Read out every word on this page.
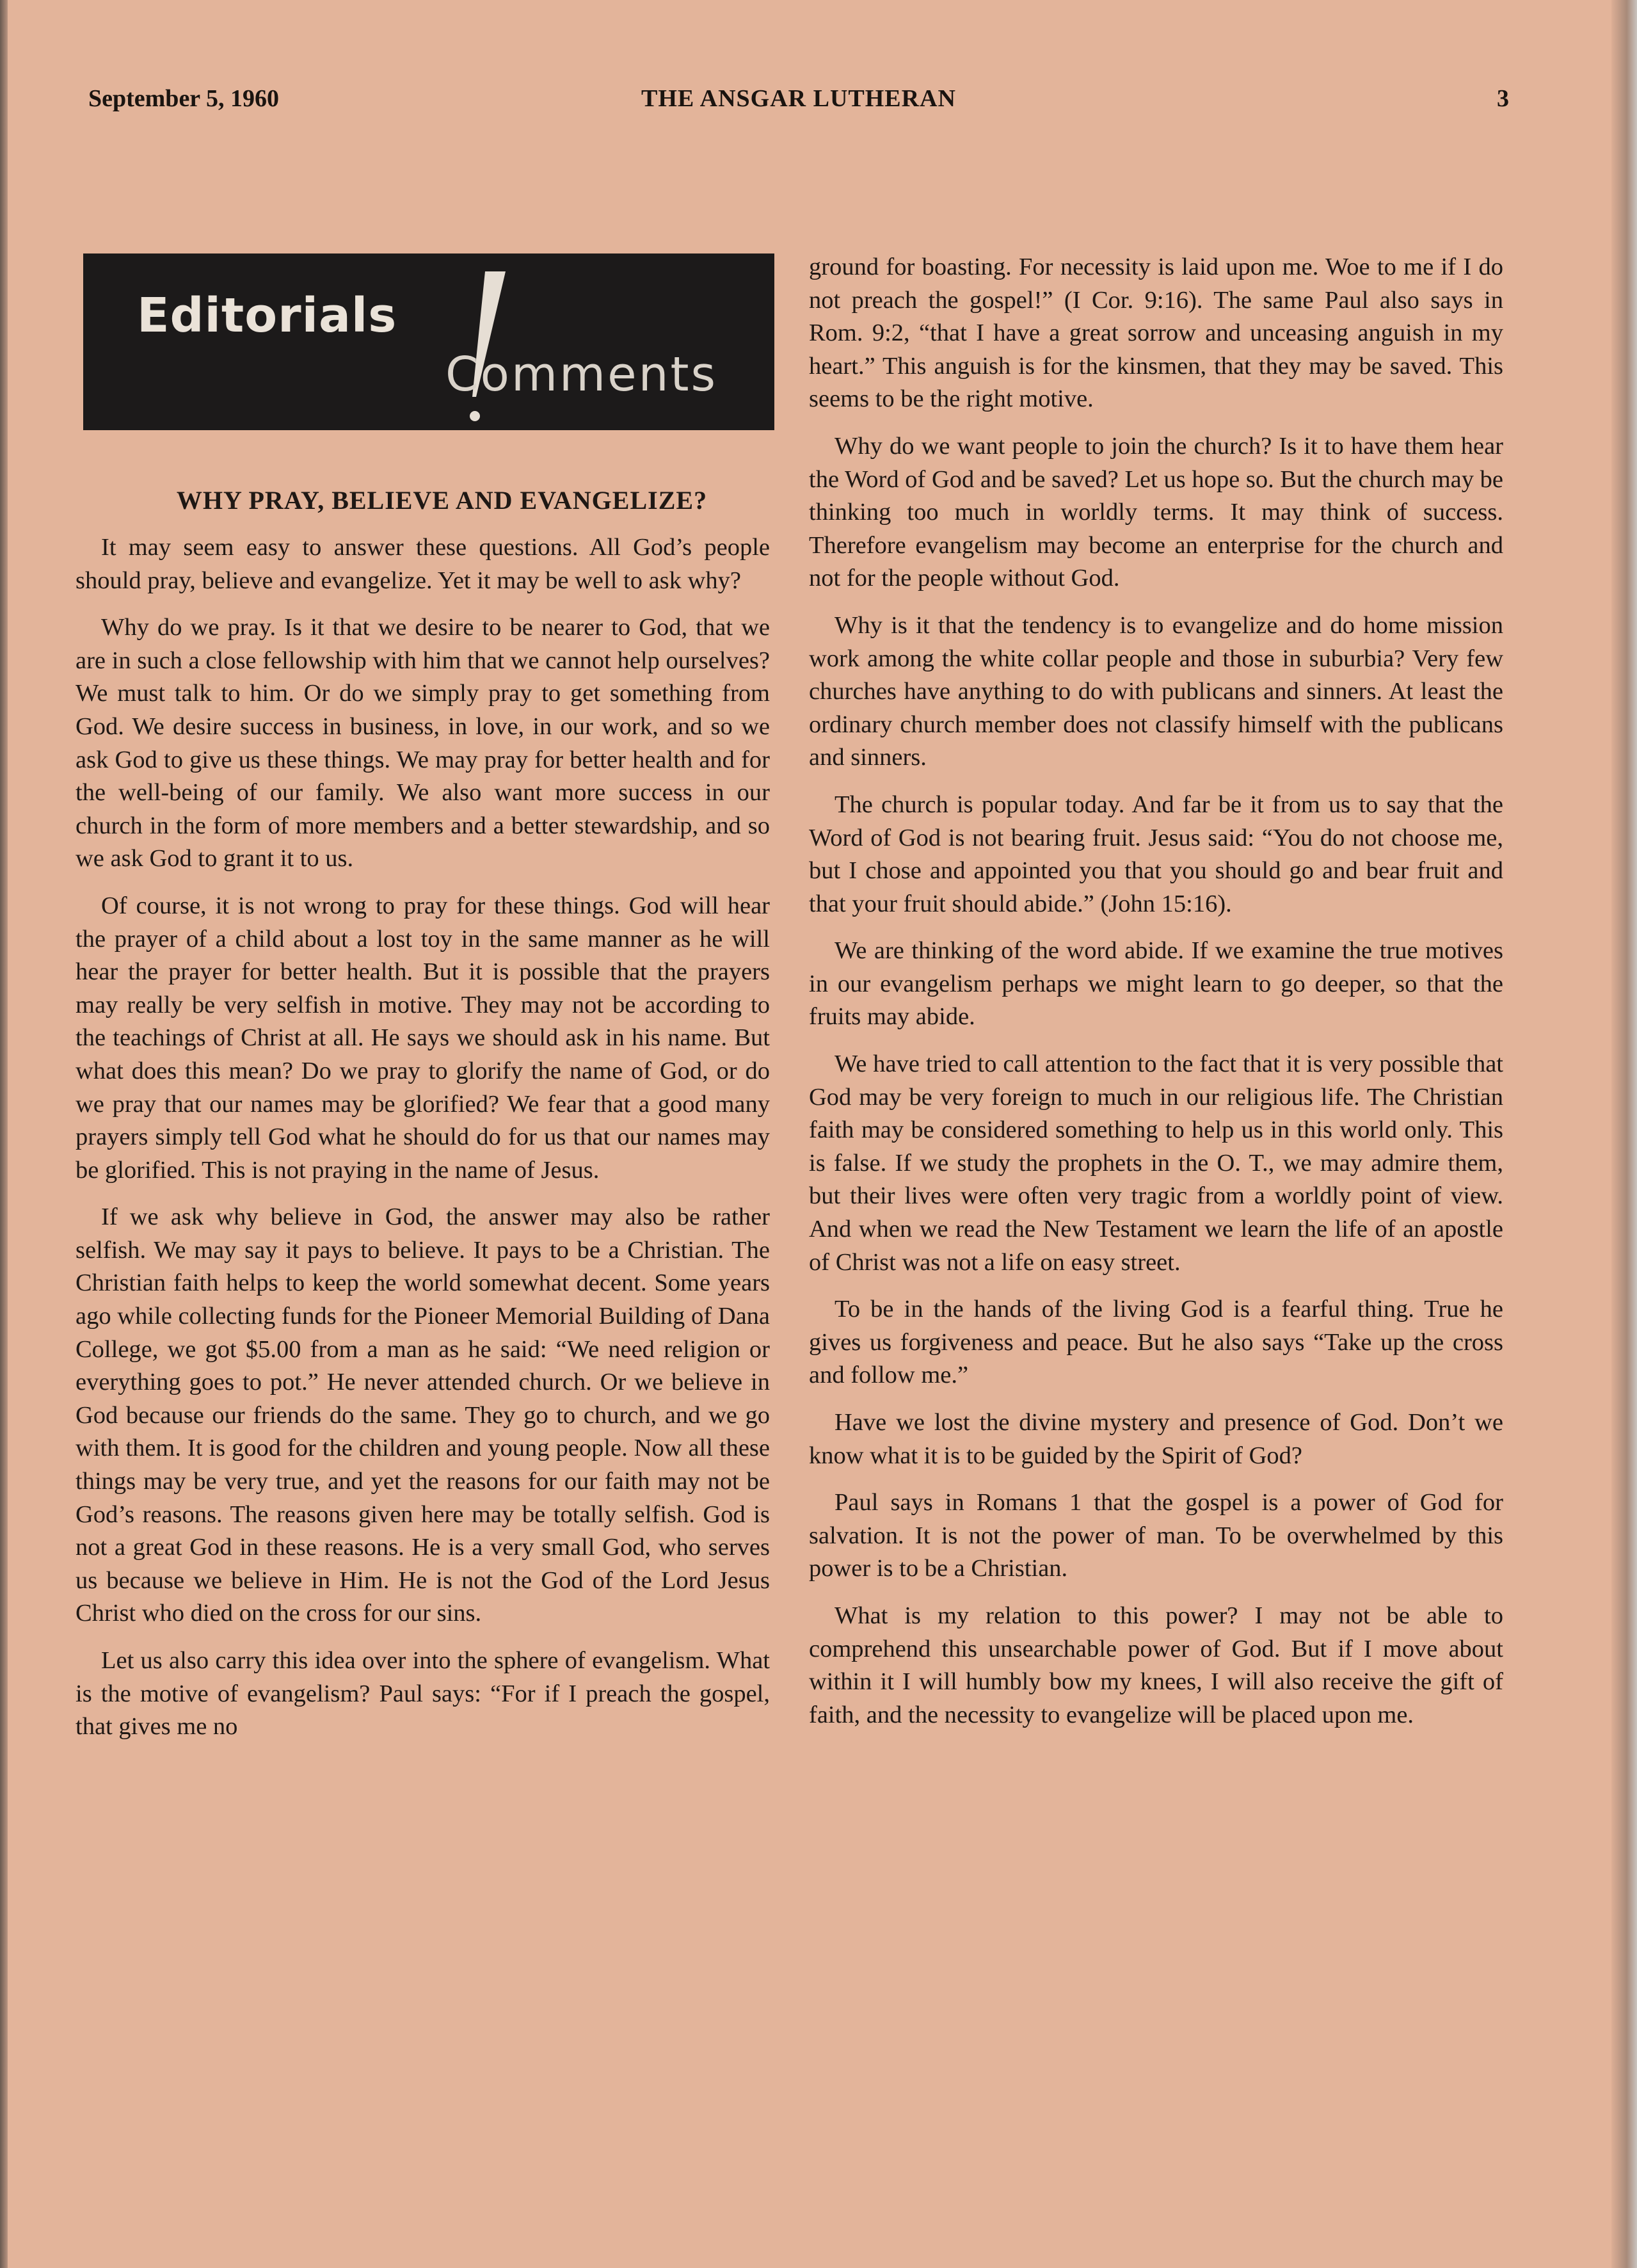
September 5, 1960	THE ANSGAR LUTHERAN	3
Editorials
Comments
WHY PRAY, BELIEVE AND EVANGELIZE?

It may seem easy to answer these questions. All God’s people should pray, believe and evangelize. Yet it may be well to ask why?

Why do we pray. Is it that we desire to be nearer to God, that we are in such a close fellowship with him that we cannot help ourselves? We must talk to him. Or do we simply pray to get something from God. We desire success in business, in love, in our work, and so we ask God to give us these things. We may pray for better health and for the well-being of our family. We also want more success in our church in the form of more members and a better stewardship, and so we ask God to grant it to us.

Of course, it is not wrong to pray for these things. God will hear the prayer of a child about a lost toy in the same manner as he will hear the prayer for better health. But it is possible that the prayers may really be very selfish in motive. They may not be according to the teachings of Christ at all. He says we should ask in his name. But what does this mean? Do we pray to glorify the name of God, or do we pray that our names may be glorified? We fear that a good many prayers simply tell God what he should do for us that our names may be glorified. This is not praying in the name of Jesus.

If we ask why believe in God, the answer may also be rather selfish. We may say it pays to believe. It pays to be a Christian. The Christian faith helps to keep the world somewhat decent. Some years ago while collecting funds for the Pioneer Memorial Building of Dana College, we got $5.00 from a man as he said: “We need religion or everything goes to pot.” He never attended church. Or we believe in God because our friends do the same. They go to church, and we go with them. It is good for the children and young people. Now all these things may be very true, and yet the reasons for our faith may not be God’s reasons. The reasons given here may be totally selfish. God is not a great God in these reasons. He is a very small God, who serves us because we believe in Him. He is not the God of the Lord Jesus Christ who died on the cross for our sins.

Let us also carry this idea over into the sphere of evangelism. What is the motive of evangelism? Paul says: “For if I preach the gospel, that gives me no

ground for boasting. For necessity is laid upon me. Woe to me if I do not preach the gospel!” (I Cor. 9:16). The same Paul also says in Rom. 9:2, “that I have a great sorrow and unceasing anguish in my heart.” This anguish is for the kinsmen, that they may be saved. This seems to be the right motive.

Why do we want people to join the church? Is it to have them hear the Word of God and be saved? Let us hope so. But the church may be thinking too much in worldly terms. It may think of success. Therefore evangelism may become an enterprise for the church and not for the people without God.

Why is it that the tendency is to evangelize and do home mission work among the white collar people and those in suburbia? Very few churches have anything to do with publicans and sinners. At least the ordinary church member does not classify himself with the publicans and sinners.

The church is popular today. And far be it from us to say that the Word of God is not bearing fruit. Jesus said: “You do not choose me, but I chose and appointed you that you should go and bear fruit and that your fruit should abide.” (John 15:16).

We are thinking of the word abide. If we examine the true motives in our evangelism perhaps we might learn to go deeper, so that the fruits may abide.

We have tried to call attention to the fact that it is very possible that God may be very foreign to much in our religious life. The Christian faith may be considered something to help us in this world only. This is false. If we study the prophets in the O. T., we may admire them, but their lives were often very tragic from a worldly point of view. And when we read the New Testament we learn the life of an apostle of Christ was not a life on easy street.

To be in the hands of the living God is a fearful thing. True he gives us forgiveness and peace. But he also says “Take up the cross and follow me.”

Have we lost the divine mystery and presence of God. Don’t we know what it is to be guided by the Spirit of God?

Paul says in Romans 1 that the gospel is a power of God for salvation. It is not the power of man. To be overwhelmed by this power is to be a Christian.

What is my relation to this power? I may not be able to comprehend this unsearchable power of God. But if I move about within it I will humbly bow my knees, I will also receive the gift of faith, and the necessity to evangelize will be placed upon me.
